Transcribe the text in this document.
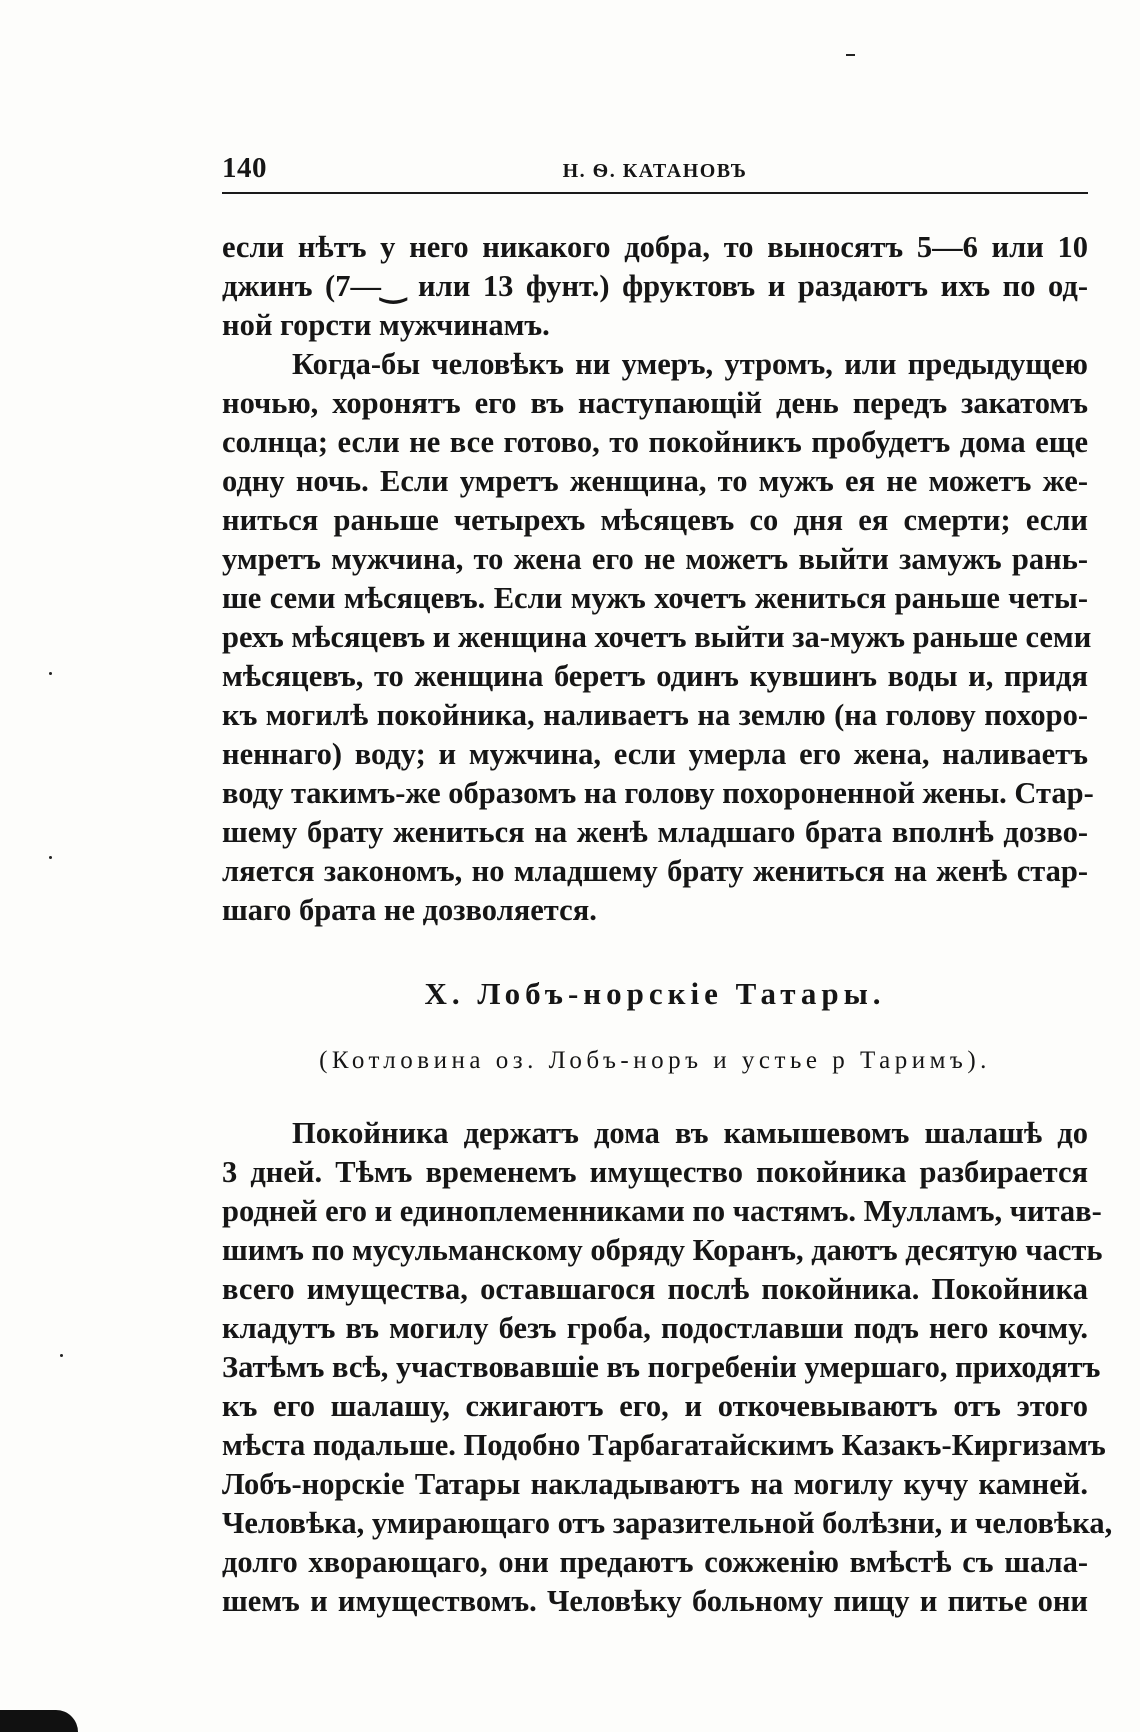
140	Н. Ѳ. КАТАНОВЪ

если нѣтъ у него никакого добра, то выносятъ 5—6 или 10
джинъ (7—‿ или 13 фунт.) фруктовъ и раздаютъ ихъ по од-
ной горсти мужчинамъ.

Когда-бы человѣкъ ни умеръ, утромъ, или предыдущею
ночью, хоронятъ его въ наступающій день передъ закатомъ
солнца; если не все готово, то покойникъ пробудетъ дома еще
одну ночь. Если умретъ женщина, то мужъ ея не можетъ же-
ниться раньше четырехъ мѣсяцевъ со дня ея смерти; если
умретъ мужчина, то жена его не можетъ выйти замужъ рань-
ше семи мѣсяцевъ. Если мужъ хочетъ жениться раньше четы-
рехъ мѣсяцевъ и женщина хочетъ выйти за-мужъ раньше семи
мѣсяцевъ, то женщина беретъ одинъ кувшинъ воды и, придя
къ могилѣ покойника, наливаетъ на землю (на голову похоро-
неннаго) воду; и мужчина, если умерла его жена, наливаетъ
воду такимъ-же образомъ на голову похороненной жены. Стар-
шему брату жениться на женѣ младшаго брата вполнѣ дозво-
ляется закономъ, но младшему брату жениться на женѣ стар-
шаго брата не дозволяется.

X. Лобъ-норскіе Татары.
(Котловина оз. Лобъ-норъ и устье р Таримъ).

Покойника держатъ дома въ камышевомъ шалашѣ до
3 дней. Тѣмъ временемъ имущество покойника разбирается
родней его и единоплеменниками по частямъ. Мулламъ, читав-
шимъ по мусульманскому обряду Коранъ, даютъ десятую часть
всего имущества, оставшагося послѣ покойника. Покойника
кладутъ въ могилу безъ гроба, подостлавши подъ него кочму.
Затѣмъ всѣ, участвовавшіе въ погребеніи умершаго, приходятъ
къ его шалашу, сжигаютъ его, и откочевываютъ отъ этого
мѣста подальше. Подобно Тарбагатайскимъ Казакъ-Киргизамъ
Лобъ-норскіе Татары накладываютъ на могилу кучу камней.
Человѣка, умирающаго отъ заразительной болѣзни, и человѣка,
долго хворающаго, они предаютъ сожженію вмѣстѣ съ шала-
шемъ и имуществомъ. Человѣку больному пищу и питье они
